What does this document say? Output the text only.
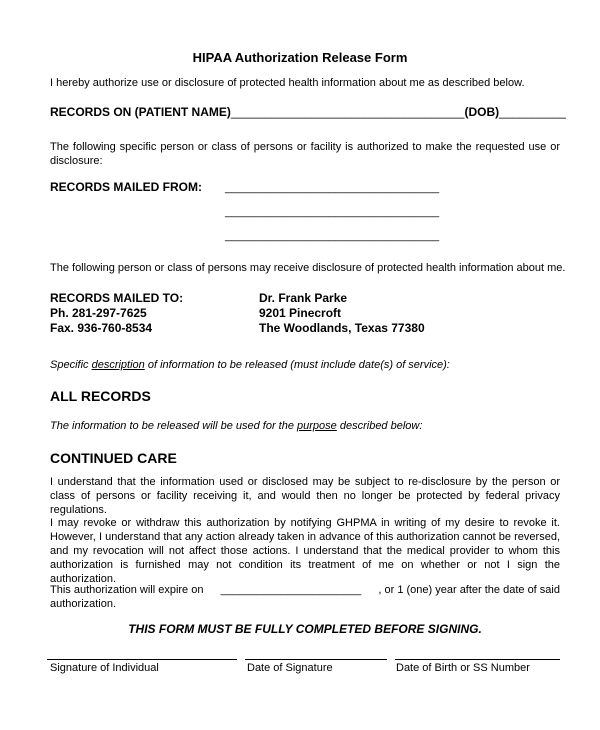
HIPAA Authorization Release Form
I hereby authorize use or disclosure of protected health information about me as described below.
RECORDS ON (PATIENT NAME)___________________________________(DOB)__________
The following specific person or class of persons or facility is authorized to make the requested use or disclosure:
RECORDS MAILED FROM: ___________________________________
___________________________________
___________________________________
The following person or class of persons may receive disclosure of protected health information about me.
RECORDS MAILED TO:
Ph. 281-297-7625
Fax. 936-760-8534
Dr. Frank Parke
9201 Pinecroft
The Woodlands, Texas 77380
Specific description of information to be released (must include date(s) of service):
ALL RECORDS
The information to be released will be used for the purpose described below:
CONTINUED CARE
I understand that the information used or disclosed may be subject to re-disclosure by the person or class of persons or facility receiving it, and would then no longer be protected by federal privacy regulations.
I may revoke or withdraw this authorization by notifying GHPMA in writing of my desire to revoke it. However, I understand that any action already taken in advance of this authorization cannot be reversed, and my revocation will not affect those actions. I understand that the medical provider to whom this authorization is furnished may not condition its treatment of me on whether or not I sign the authorization.
This authorization will expire on _______________________ , or 1 (one) year after the date of said
authorization.
THIS FORM MUST BE FULLY COMPLETED BEFORE SIGNING.
Signature of Individual	Date of Signature	Date of Birth or SS Number
